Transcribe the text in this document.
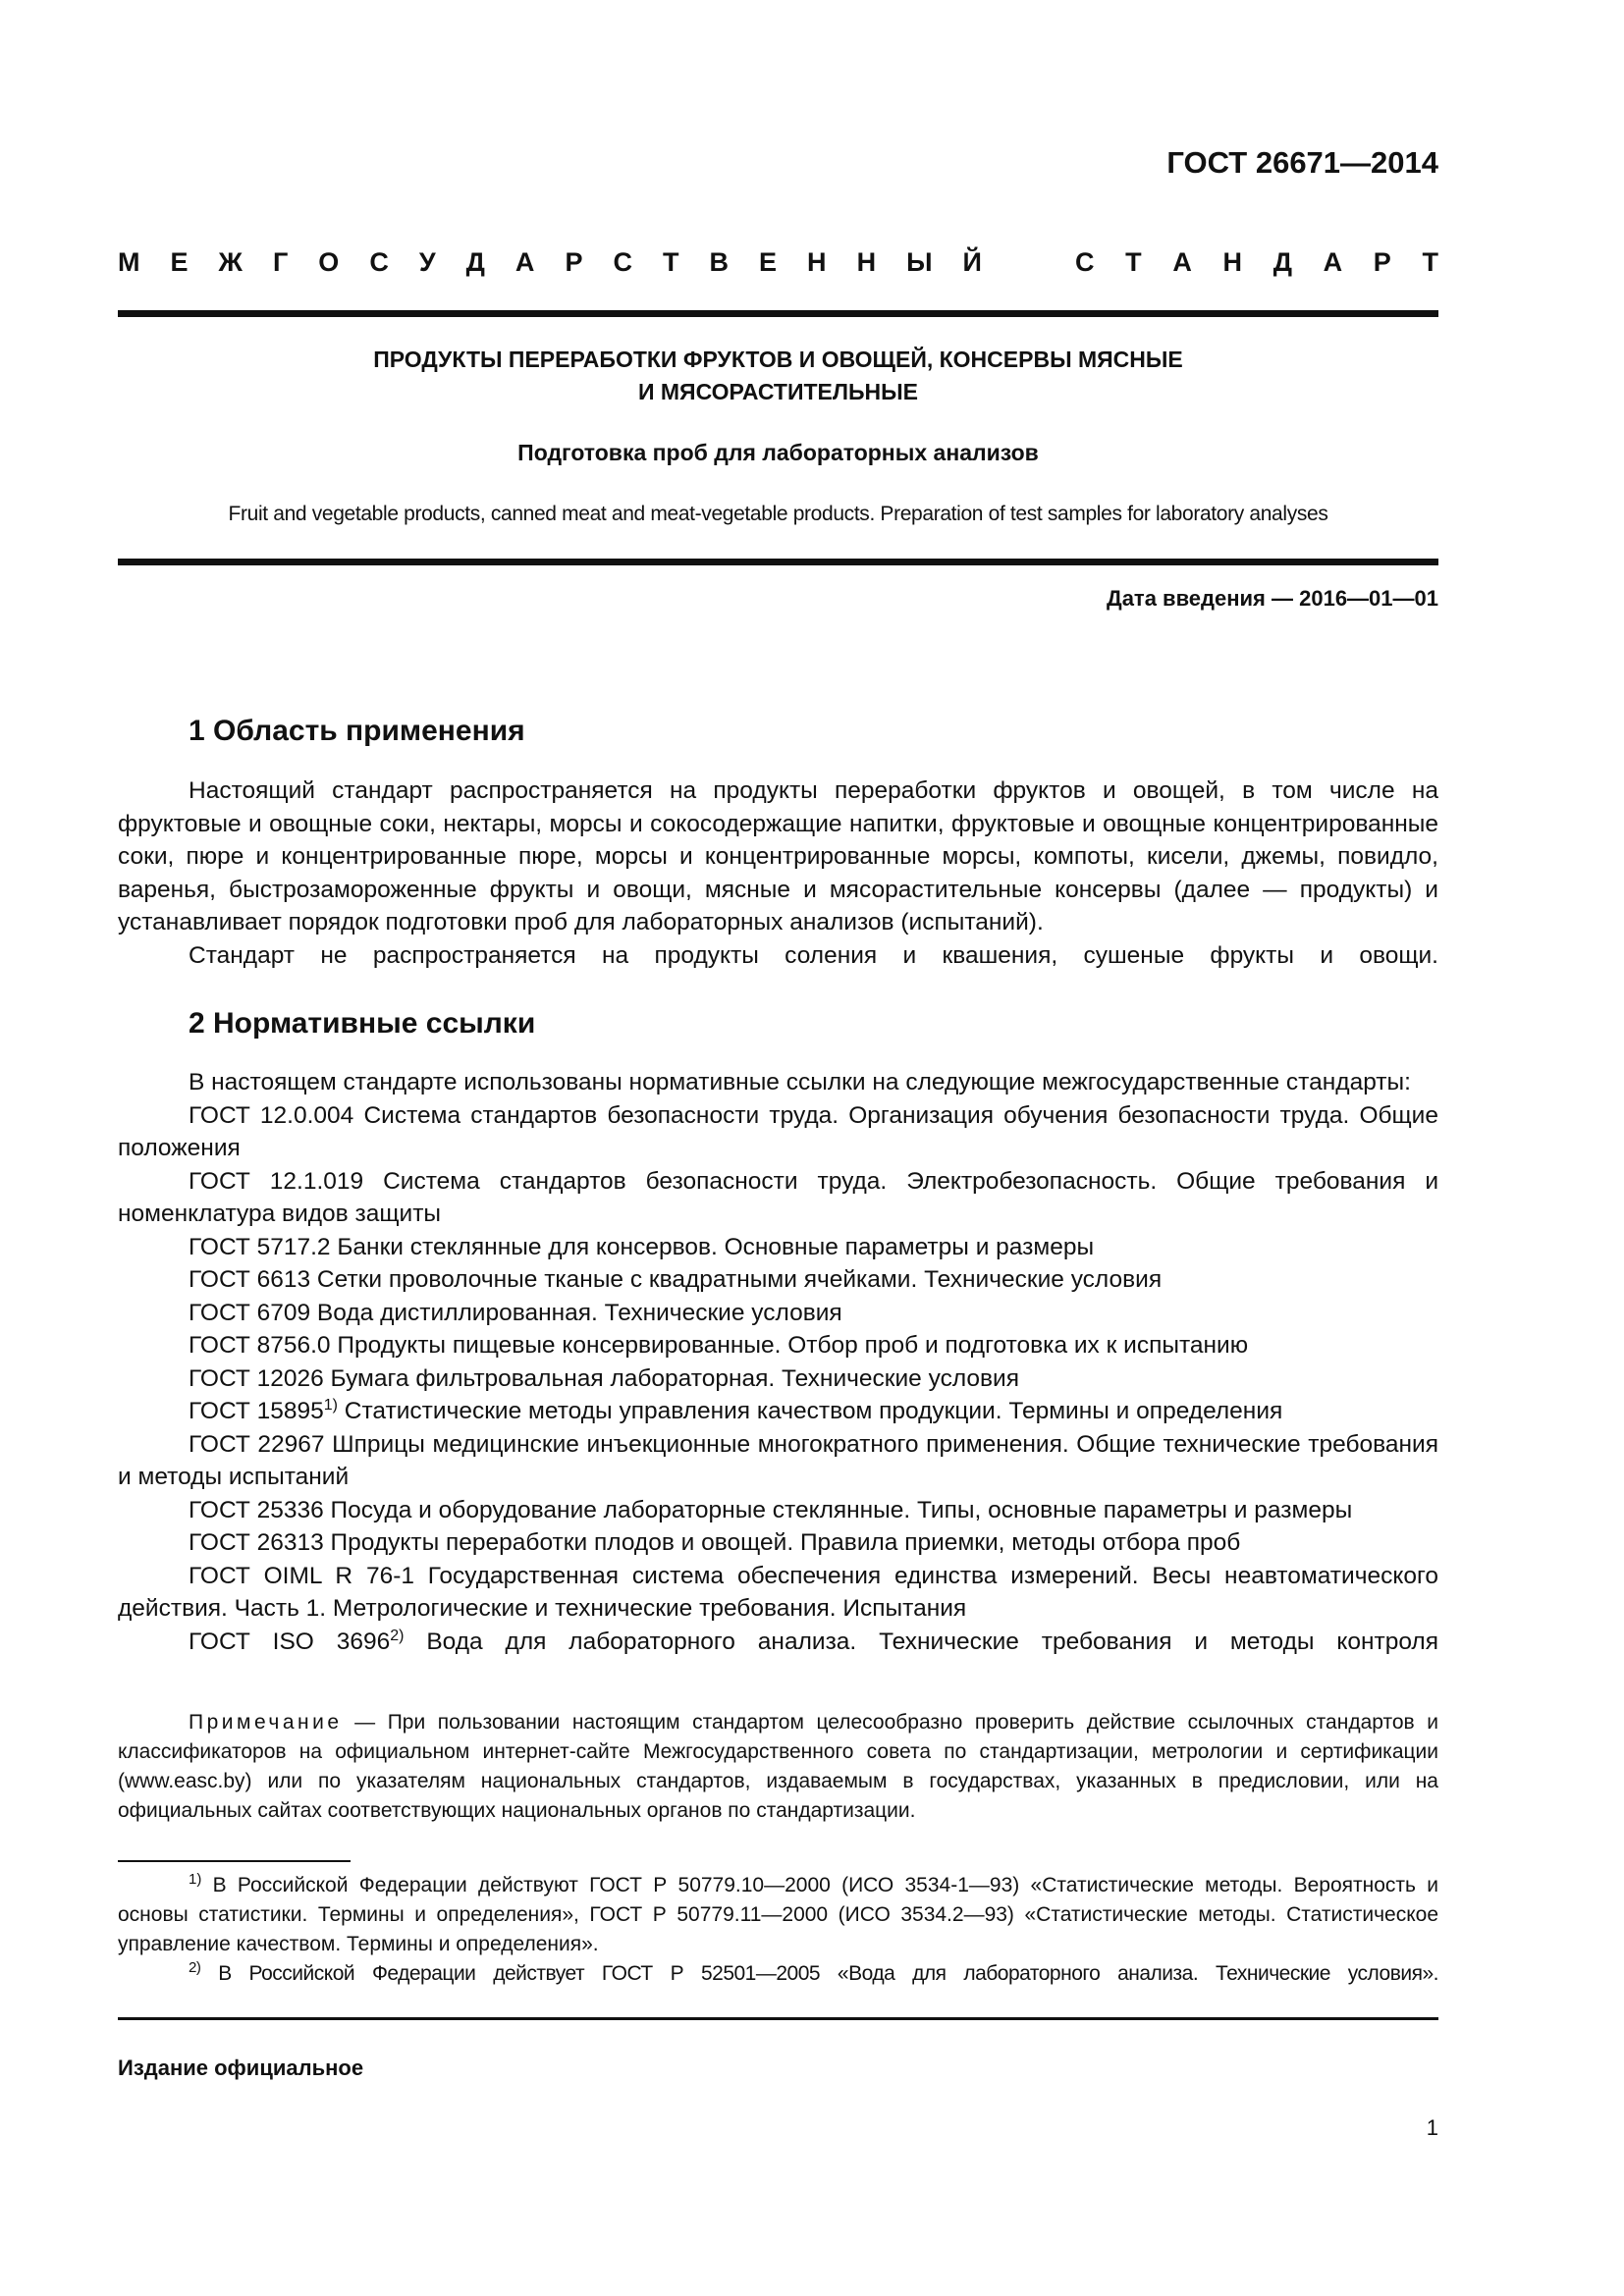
ГОСТ 26671—2014
М Е Ж Г О С У Д А Р С Т В Е Н Н Ы Й	С Т А Н Д А Р Т
ПРОДУКТЫ ПЕРЕРАБОТКИ ФРУКТОВ И ОВОЩЕЙ, КОНСЕРВЫ МЯСНЫЕ
И МЯСОРАСТИТЕЛЬНЫЕ
Подготовка проб для лабораторных анализов
Fruit and vegetable products, canned meat and meat-vegetable products. Preparation of test samples for laboratory analyses
Дата введения — 2016—01—01
1 Область применения

Настоящий стандарт распространяется на продукты переработки фруктов и овощей, в том числе на фруктовые и овощные соки, нектары, морсы и сокосодержащие напитки, фруктовые и овощные концентрированные соки, пюре и концентрированные пюре, морсы и концентрированные морсы, компоты, кисели, джемы, повидло, варенья, быстрозамороженные фрукты и овощи, мясные и мясорастительные консервы (далее — продукты) и устанавливает порядок подготовки проб для лабораторных анализов (испытаний).

Стандарт не распространяется на продукты соления и квашения, сушеные фрукты и овощи.

2 Нормативные ссылки

В настоящем стандарте использованы нормативные ссылки на следующие межгосударственные стандарты:

ГОСТ 12.0.004 Система стандартов безопасности труда. Организация обучения безопасности труда. Общие положения

ГОСТ 12.1.019 Система стандартов безопасности труда. Электробезопасность. Общие требования и номенклатура видов защиты

ГОСТ 5717.2 Банки стеклянные для консервов. Основные параметры и размеры

ГОСТ 6613 Сетки проволочные тканые с квадратными ячейками. Технические условия

ГОСТ 6709 Вода дистиллированная. Технические условия

ГОСТ 8756.0 Продукты пищевые консервированные. Отбор проб и подготовка их к испытанию

ГОСТ 12026 Бумага фильтровальная лабораторная. Технические условия

ГОСТ 15895$^{1)}$ Статистические методы управления качеством продукции. Термины и определения

ГОСТ 22967 Шприцы медицинские инъекционные многократного применения. Общие технические требования и методы испытаний

ГОСТ 25336 Посуда и оборудование лабораторные стеклянные. Типы, основные параметры и размеры

ГОСТ 26313 Продукты переработки плодов и овощей. Правила приемки, методы отбора проб

ГОСТ OIML R 76-1 Государственная система обеспечения единства измерений. Весы неавтоматического действия. Часть 1. Метрологические и технические требования. Испытания

ГОСТ ISO 3696$^{2)}$ Вода для лабораторного анализа. Технические требования и методы контроля

Примечание — При пользовании настоящим стандартом целесообразно проверить действие ссылочных стандартов и классификаторов на официальном интернет-сайте Межгосударственного совета по стандартизации, метрологии и сертификации (www.easc.by) или по указателям национальных стандартов, издаваемым в государствах, указанных в предисловии, или на официальных сайтах соответствующих национальных органов по стандартизации.

$^{1)}$ В Российской Федерации действуют ГОСТ Р 50779.10—2000 (ИСО 3534-1—93) «Статистические методы. Вероятность и основы статистики. Термины и определения», ГОСТ Р 50779.11—2000 (ИСО 3534.2—93) «Статистические методы. Статистическое управление качеством. Термины и определения».

$^{2)}$ В Российской Федерации действует ГОСТ Р 52501—2005 «Вода для лабораторного анализа. Технические условия».

Издание официальное
1
